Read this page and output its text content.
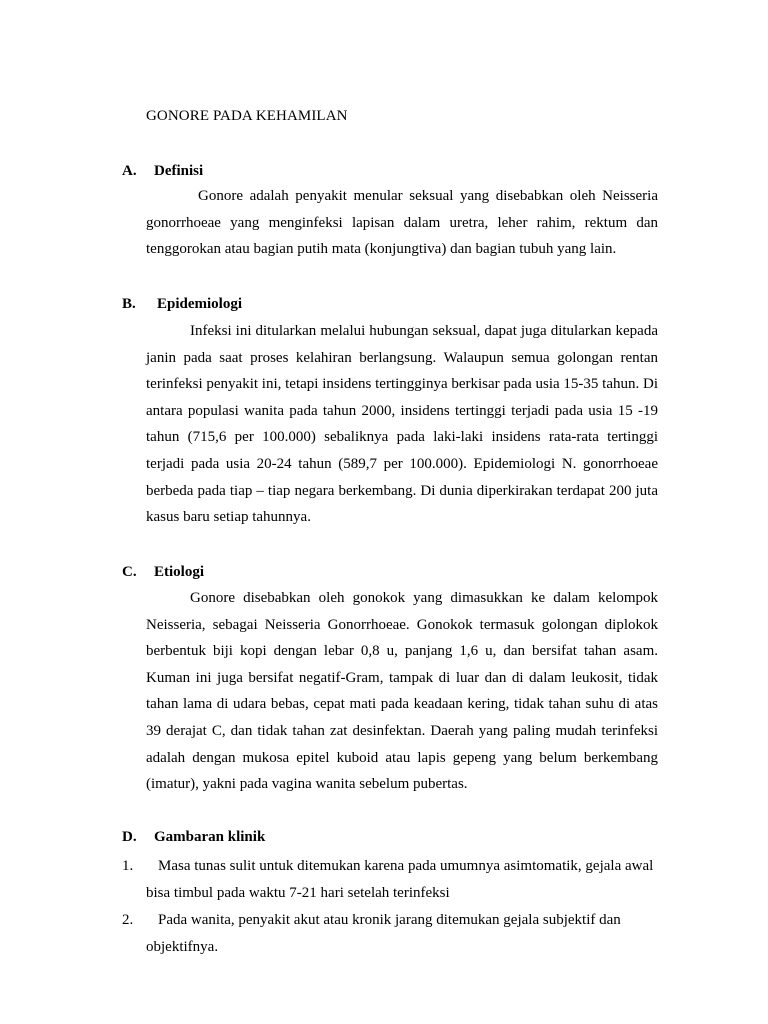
GONORE PADA KEHAMILAN
A. Definisi

Gonore adalah penyakit menular seksual yang disebabkan oleh Neisseria gonorrhoeae yang menginfeksi lapisan dalam uretra, leher rahim, rektum dan tenggorokan atau bagian putih mata (konjungtiva) dan bagian tubuh yang lain.

B. Epidemiologi

Infeksi ini ditularkan melalui hubungan seksual, dapat juga ditularkan kepada janin pada saat proses kelahiran berlangsung. Walaupun semua golongan rentan terinfeksi penyakit ini, tetapi insidens tertingginya berkisar pada usia 15-35 tahun. Di antara populasi wanita pada tahun 2000, insidens tertinggi terjadi pada usia 15 -19 tahun (715,6 per 100.000) sebaliknya pada laki-laki insidens rata-rata tertinggi terjadi pada usia 20-24 tahun (589,7 per 100.000). Epidemiologi N. gonorrhoeae berbeda pada tiap – tiap negara berkembang. Di dunia diperkirakan terdapat 200 juta kasus baru setiap tahunnya.

C. Etiologi

Gonore disebabkan oleh gonokok yang dimasukkan ke dalam kelompok Neisseria, sebagai Neisseria Gonorrhoeae. Gonokok termasuk golongan diplokok berbentuk biji kopi dengan lebar 0,8 u, panjang 1,6 u, dan bersifat tahan asam. Kuman ini juga bersifat negatif-Gram, tampak di luar dan di dalam leukosit, tidak tahan lama di udara bebas, cepat mati pada keadaan kering, tidak tahan suhu di atas 39 derajat C, dan tidak tahan zat desinfektan. Daerah yang paling mudah terinfeksi adalah dengan mukosa epitel kuboid atau lapis gepeng yang belum berkembang (imatur), yakni pada vagina wanita sebelum pubertas.

D. Gambaran klinik
1.	Masa tunas sulit untuk ditemukan karena pada umumnya asimtomatik, gejala awal bisa timbul pada waktu 7-21 hari setelah terinfeksi
2.	Pada wanita, penyakit akut atau kronik jarang ditemukan gejala subjektif dan objektifnya.
